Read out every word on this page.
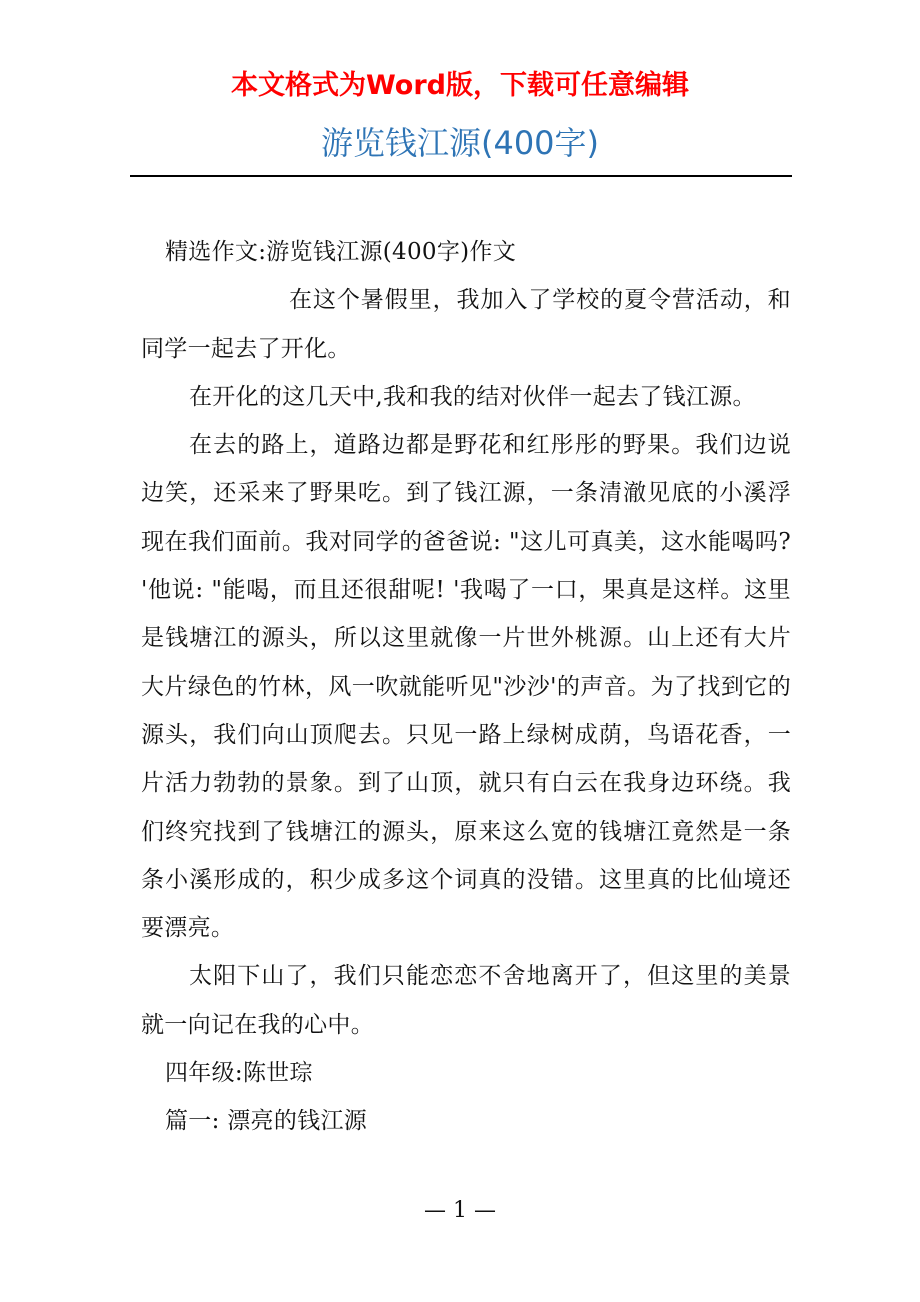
本文格式为Word版，下载可任意编辑
游览钱江源(400字)

精选作文:游览钱江源(400字)作文

在这个暑假里，我加入了学校的夏令营活动，和同学一起去了开化。

在开化的这几天中,我和我的结对伙伴一起去了钱江源。

在去的路上，道路边都是野花和红彤彤的野果。我们边说边笑，还采来了野果吃。到了钱江源，一条清澈见底的小溪浮现在我们面前。我对同学的爸爸说: "这儿可真美，这水能喝吗? '他说: "能喝，而且还很甜呢! '我喝了一口，果真是这样。这里是钱塘江的源头，所以这里就像一片世外桃源。山上还有大片大片绿色的竹林，风一吹就能听见"沙沙'的声音。为了找到它的源头，我们向山顶爬去。只见一路上绿树成荫，鸟语花香，一片活力勃勃的景象。到了山顶，就只有白云在我身边环绕。我们终究找到了钱塘江的源头，原来这么宽的钱塘江竟然是一条条小溪形成的，积少成多这个词真的没错。这里真的比仙境还要漂亮。

太阳下山了，我们只能恋恋不舍地离开了，但这里的美景就一向记在我的心中。

四年级:陈世琮

篇一: 漂亮的钱江源

— 1 —
